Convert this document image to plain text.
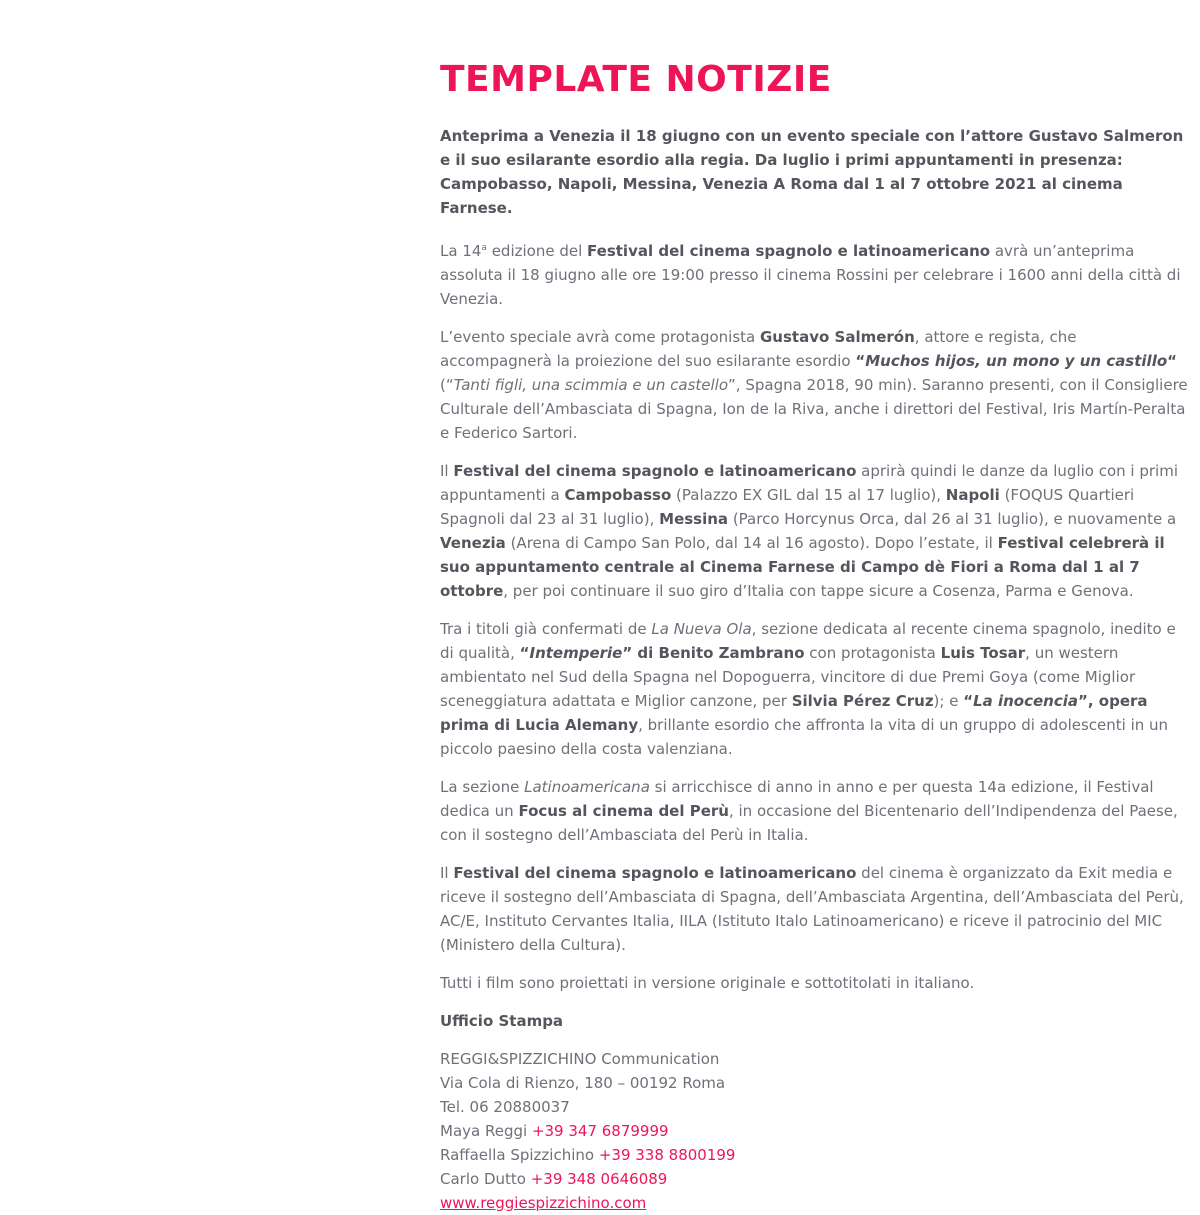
TEMPLATE NOTIZIE

Anteprima a Venezia il 18 giugno con un evento speciale con l’attore Gustavo Salmeron e il suo esilarante esordio alla regia. Da luglio i primi appuntamenti in presenza: Campobasso, Napoli, Messina, Venezia A Roma dal 1 al 7 ottobre 2021 al cinema Farnese.

La 14$^a$ edizione del Festival del cinema spagnolo e latinoamericano avrà un’anteprima assoluta il 18 giugno alle ore 19:00 presso il cinema Rossini per celebrare i 1600 anni della città di Venezia.

L’evento speciale avrà come protagonista Gustavo Salmerón, attore e regista, che accompagnerà la proiezione del suo esilarante esordio “Muchos hijos, un mono y un castillo“ (“Tanti figli, una scimmia e un castello”, Spagna 2018, 90 min). Saranno presenti, con il Consigliere Culturale dell’Ambasciata di Spagna, Ion de la Riva, anche i direttori del Festival, Iris Martín-Peralta e Federico Sartori.

Il Festival del cinema spagnolo e latinoamericano aprirà quindi le danze da luglio con i primi appuntamenti a Campobasso (Palazzo EX GIL dal 15 al 17 luglio), Napoli (FOQUS Quartieri Spagnoli dal 23 al 31 luglio), Messina (Parco Horcynus Orca, dal 26 al 31 luglio), e nuovamente a Venezia (Arena di Campo San Polo, dal 14 al 16 agosto). Dopo l’estate, il Festival celebrerà il suo appuntamento centrale al Cinema Farnese di Campo dè Fiori a Roma dal 1 al 7 ottobre, per poi continuare il suo giro d’Italia con tappe sicure a Cosenza, Parma e Genova.

Tra i titoli già confermati de La Nueva Ola, sezione dedicata al recente cinema spagnolo, inedito e di qualità, “Intemperie” di Benito Zambrano con protagonista Luis Tosar, un western ambientato nel Sud della Spagna nel Dopoguerra, vincitore di due Premi Goya (come Miglior sceneggiatura adattata e Miglior canzone, per Silvia Pérez Cruz); e “La inocencia”, opera prima di Lucia Alemany, brillante esordio che affronta la vita di un gruppo di adolescenti in un piccolo paesino della costa valenziana.

La sezione Latinoamericana si arricchisce di anno in anno e per questa 14a edizione, il Festival dedica un Focus al cinema del Perù, in occasione del Bicentenario dell’Indipendenza del Paese, con il sostegno dell’Ambasciata del Perù in Italia.

Il Festival del cinema spagnolo e latinoamericano del cinema è organizzato da Exit media e riceve il sostegno dell’Ambasciata di Spagna, dell’Ambasciata Argentina, dell’Ambasciata del Perù, AC/E, Instituto Cervantes Italia, IILA (Istituto Italo Latinoamericano) e riceve il patrocinio del MIC (Ministero della Cultura).

Tutti i film sono proiettati in versione originale e sottotitolati in italiano.

Ufficio Stampa

REGGI&SPIZZICHINO Communication
Via Cola di Rienzo, 180 – 00192 Roma
Tel. 06 20880037
Maya Reggi +39 347 6879999
Raffaella Spizzichino +39 338 8800199
Carlo Dutto +39 348 0646089
www.reggiespizzichino.com
